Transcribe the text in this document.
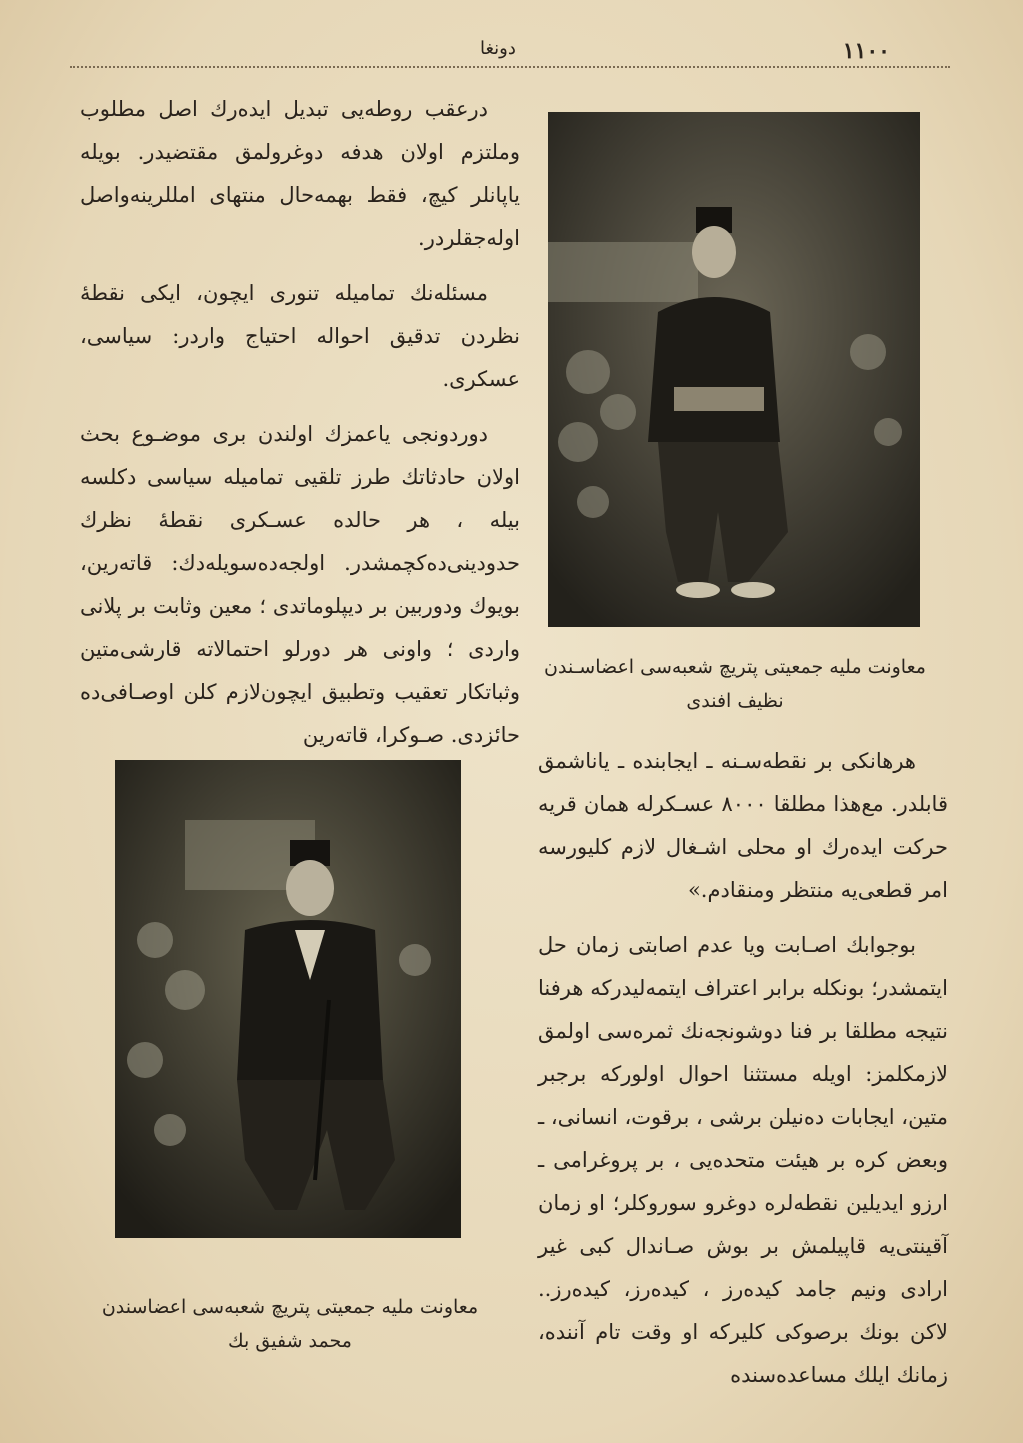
دونغا	۱۱۰۰

درعقب روطه‌یی تبدیل ایده‌رك اصل مطلوب وملتزم اولان هدفه دوغرولمق مقتضیدر. بویله یاپانلر کیچ، فقط بهمه‌حال منتهای امللرینه‌واصل اوله‌جقلردر.

مسئله‌نك تماميله تنوری ایچون، ایکی نقطهٔ نظردن تدقیق احواله احتیاج واردر: سیاسی، عسکری.

دوردونجی یاعمزك اولندن بری موضـوع بحث اولان حادثاتك طرز تلقیی تماميله سیاسی دکلسه بیله ، هر حالده عسـکری نقطهٔ نظرك حدودینی‌ده‌کچمشدر. اولجه‌ده‌سویله‌دك: قاته‌رین، بویوك ودوربین بر دیپلوماتدی ؛ معین وثابت بر پلانی واردی ؛ واونی هر دورلو احتمالاته قارشی‌متین وثباتکار تعقیب وتطبیق ایچون‌لازم کلن اوصـافی‌ده حائزدی. صـوکرا، قاته‌رین

معاونت ملیه جمعیتی پتریچ شعبه‌سی اعضاسـندن
نظیف افندی
معاونت ملیه جمعیتی پتریچ شعبه‌سی اعضاسندن
محمد شفیق بك

هرهانکی بر نقطه‌سـنه ـ ایجابنده ـ یاناشمق قابلدر. مع‌هذا مطلقا ۸۰۰۰ عسـکرله همان قریه حرکت ایده‌رك او محلی اشـغال لازم کلیورسه امر قطعی‌یه منتظر ومنقادم.»

بوجوابك اصـابت ویا عدم اصابتی زمان حل ایتمشدر؛ بونکله برابر اعتراف ایتمه‌لیدرکه هرفنا نتیجه مطلقا بر فنا دوشونجه‌نك ثمره‌سی اولمق لازمکلمز: اویله مستثنا احوال اولورکه برجبر متین، ایجابات ده‌نیلن برشی ، برقوت، انسانی، ـ وبعض کره بر هیئت متحده‌یی ، بر پروغرامی ـ ارزو ایدیلین نقطه‌لره دوغرو سوروکلر؛ او زمان آقینتی‌یه قاپیلمش بر بوش صـاندال کبی غیر ارادی ونیم جامد کیده‌رز ، کیده‌رز، کیده‌رز.. لاکن بونك برصوکی کلیرکه او وقت تام آننده، زمانك ایلك مساعده‌سنده
